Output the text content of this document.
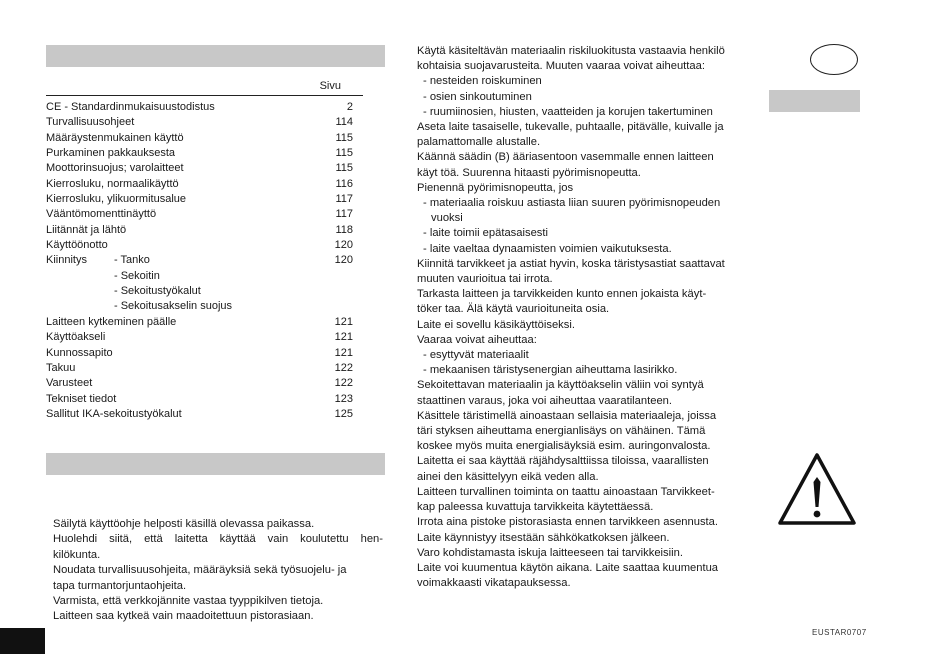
Sivu
CE - Standardinmukaisuustodistus	2
Turvallisuusohjeet	114
Määräystenmukainen käyttö	115
Purkaminen pakkauksesta	115
Moottorinsuojus; varolaitteet	115
Kierrosluku, normaalikäyttö	116
Kierrosluku, ylikuormitusalue	117
Vääntömomenttinäyttö	117
Liitännät ja lähtö	118
Käyttöönotto	120
Kiinnitys - Tanko	120
- Sekoitin
- Sekoitustyökalut
- Sekoitusakselin suojus
Laitteen kytkeminen päälle	121
Käyttöakseli	121
Kunnossapito	121
Takuu	122
Varusteet	122
Tekniset tiedot	123
Sallitut IKA-sekoitustyökalut	125

Säilytä käyttöohje helposti käsillä olevassa paikassa.

Huolehdi siitä, että laitetta käyttää vain koulutettu hen-

kilökunta.

Noudata turvallisuusohjeita, määräyksiä sekä työsuojelu- ja

tapa turmantorjuntaohjeita.

Varmista, että verkkojännite vastaa tyyppikilven tietoja.

Laitteen saa kytkeä vain maadoitettuun pistorasiaan.

Käytä käsiteltävän materiaalin riskiluokitusta vastaavia henkilö

kohtaisia suojavarusteita. Muuten vaaraa voivat aiheuttaa:

- nesteiden roiskuminen

- osien sinkoutuminen

- ruumiinosien, hiusten, vaatteiden ja korujen takertuminen

Aseta laite tasaiselle, tukevalle, puhtaalle, pitävälle, kuivalle ja

palamattomalle alustalle.

Käännä säädin (B) ääriasentoon vasemmalle ennen laitteen

käyt töä. Suurenna hitaasti pyörimisnopeutta.

Pienennä pyörimisnopeutta, jos

- materiaalia roiskuu astiasta liian suuren pyörimisnopeuden

vuoksi

- laite toimii epätasaisesti

- laite vaeltaa dynaamisten voimien vaikutuksesta.

Kiinnitä tarvikkeet ja astiat hyvin, koska täristysastiat saattavat

muuten vaurioitua tai irrota.

Tarkasta laitteen ja tarvikkeiden kunto ennen jokaista käyt-

töker taa. Älä käytä vaurioituneita osia.

Laite ei sovellu käsikäyttöiseksi.

Vaaraa voivat aiheuttaa:

- esyttyvät materiaalit

- mekaanisen täristysenergian aiheuttama lasirikko.

Sekoitettavan materiaalin ja käyttöakselin väliin voi syntyä

staattinen varaus, joka voi aiheuttaa vaaratilanteen.

Käsittele täristimellä ainoastaan sellaisia materiaaleja, joissa

täri styksen aiheuttama energianlisäys on vähäinen. Tämä

koskee myös muita energialisäyksiä esim. auringonvalosta.

Laitetta ei saa käyttää räjähdysalttiissa tiloissa, vaarallisten

ainei den käsittelyyn eikä veden alla.

Laitteen turvallinen toiminta on taattu ainoastaan Tarvikkeet-

kap paleessa kuvattuja tarvikkeita käytettäessä.

Irrota aina pistoke pistorasiasta ennen tarvikkeen asennusta.

Laite käynnistyy itsestään sähkökatkoksen jälkeen.

Varo kohdistamasta iskuja laitteeseen tai tarvikkeisiin.

Laite voi kuumentua käytön aikana. Laite saattaa kuumentua

voimakkaasti vikatapauksessa.

EUSTAR0707
